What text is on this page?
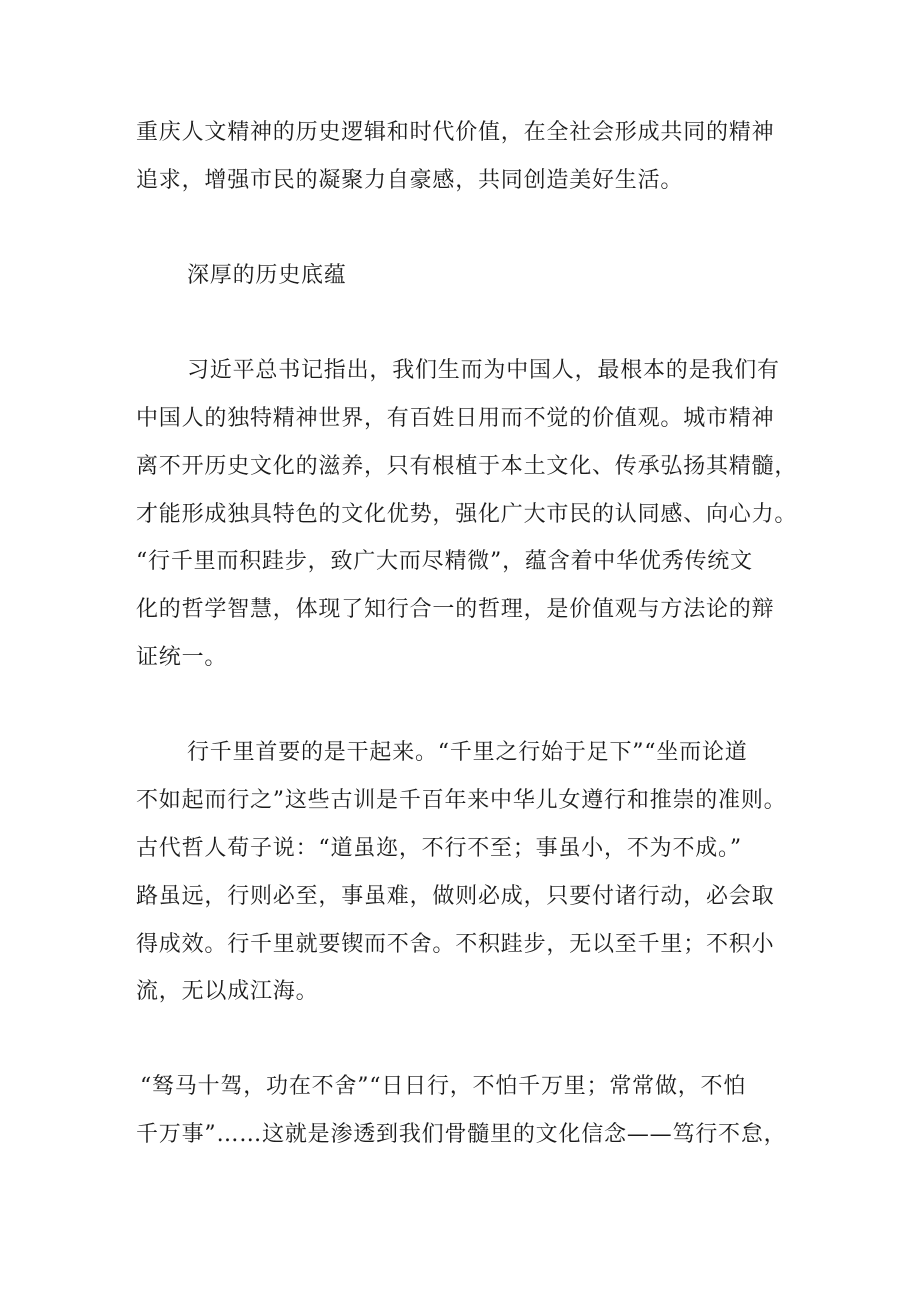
重庆人文精神的历史逻辑和时代价值，在全社会形成共同的精神
追求，增强市民的凝聚力自豪感，共同创造美好生活。
深厚的历史底蕴
习近平总书记指出，我们生而为中国人，最根本的是我们有
中国人的独特精神世界，有百姓日用而不觉的价值观。城市精神
离不开历史文化的滋养，只有根植于本土文化、传承弘扬其精髓，
才能形成独具特色的文化优势，强化广大市民的认同感、向心力。
“行千里而积跬步，致广大而尽精微”，蕴含着中华优秀传统文
化的哲学智慧，体现了知行合一的哲理，是价值观与方法论的辩
证统一。
行千里首要的是干起来。“千里之行始于足下”“坐而论道
不如起而行之”这些古训是千百年来中华儿女遵行和推崇的准则。
古代哲人荀子说：“道虽迩，不行不至；事虽小，不为不成。”
路虽远，行则必至，事虽难，做则必成，只要付诸行动，必会取
得成效。行千里就要锲而不舍。不积跬步，无以至千里；不积小
流，无以成江海。
“驽马十驾，功在不舍”“日日行，不怕千万里；常常做，不怕
千万事”……这就是渗透到我们骨髓里的文化信念——笃行不怠，
